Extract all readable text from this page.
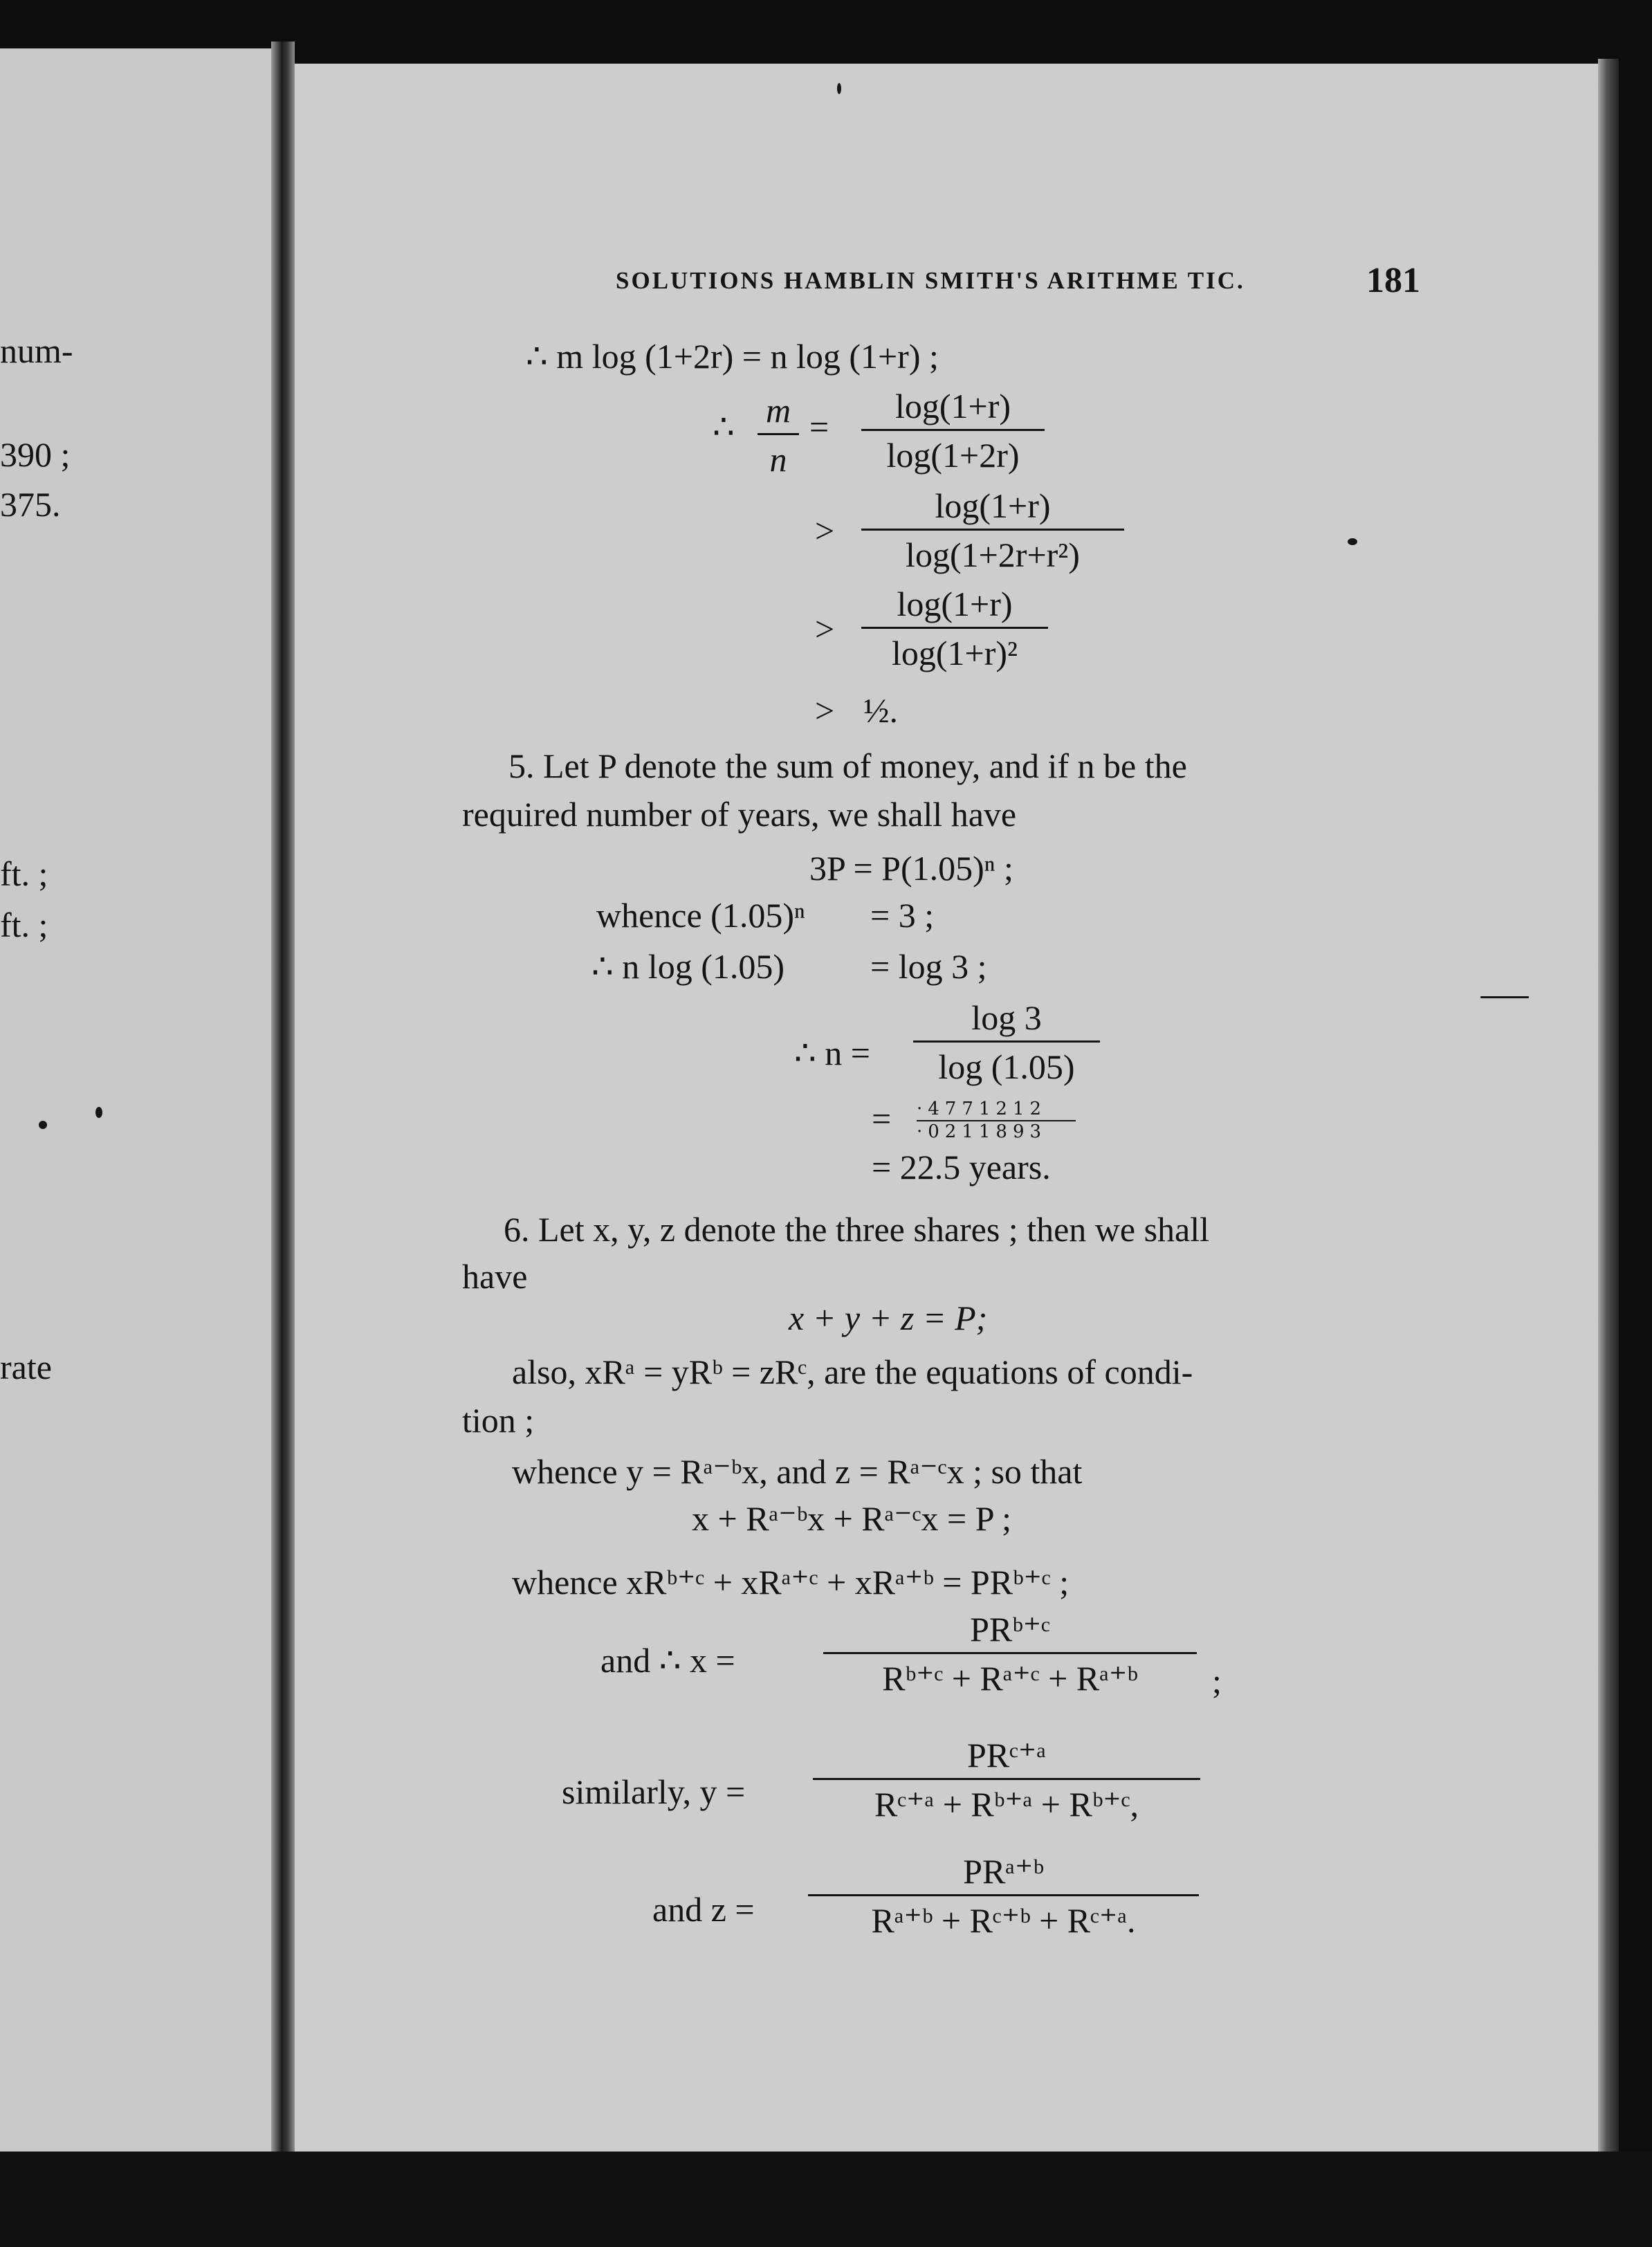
num-
390 ;
375.
ft. ;
ft. ;
rate
SOLUTIONS HAMBLIN SMITH'S ARITHME TIC.	181
∴ m log (1+2r) = n log (1+r) ;
∴ m
n
=
log(1+r)
log(1+2r)
>
log(1+r)
log(1+2r+r²)
>
log(1+r)
log(1+r)²
> ½.
5. Let P denote the sum of money, and if n be the
required number of years, we shall have
3P = P(1.05)ⁿ ;
whence (1.05)ⁿ = 3 ;
∴ n log (1.05) = log 3 ;
∴ n =
log 3
log (1.05)
= ·4771212
·0211893
= 22.5 years.
6. Let x, y, z denote the three shares ; then we shall
have
x + y + z = P;
also, xRᵃ = yRᵇ = zRᶜ, are the equations of condi-
tion ;
whence y = Rᵃ⁻ᵇx, and z = Rᵃ⁻ᶜx ; so that
x + Rᵃ⁻ᵇx + Rᵃ⁻ᶜx = P ;
whence xRᵇ⁺ᶜ + xRᵃ⁺ᶜ + xRᵃ⁺ᵇ = PRᵇ⁺ᶜ ;
and ∴ x =
PRᵇ⁺ᶜ
Rᵇ⁺ᶜ + Rᵃ⁺ᶜ + Rᵃ⁺ᵇ	;
similarly, y =
PRᶜ⁺ᵃ
Rᶜ⁺ᵃ + Rᵇ⁺ᵃ + Rᵇ⁺ᶜ,
and z =
PRᵃ⁺ᵇ
Rᵃ⁺ᵇ + Rᶜ⁺ᵇ + Rᶜ⁺ᵃ.
